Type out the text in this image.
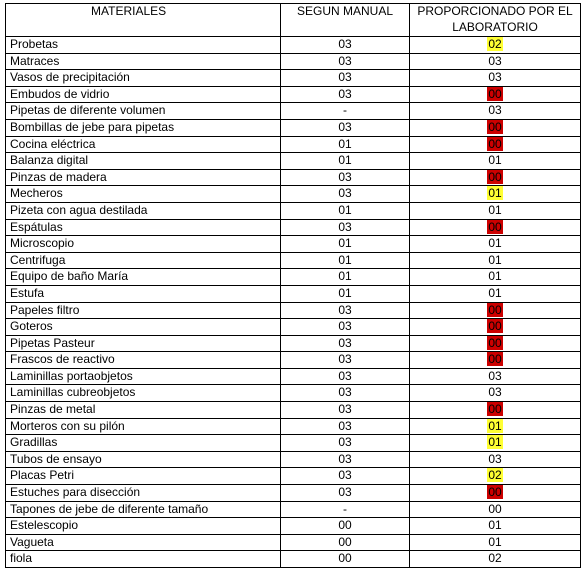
MATERIALES	SEGUN MANUAL	PROPORCIONADO POR EL LABORATORIO
Probetas	03	02
Matraces	03	03
Vasos de precipitación	03	03
Embudos de vidrio	03	00
Pipetas de diferente volumen	-	03
Bombillas de jebe para pipetas	03	00
Cocina eléctrica	01	00
Balanza digital	01	01
Pinzas de madera	03	00
Mecheros	03	01
Pizeta con agua destilada	01	01
Espátulas	03	00
Microscopio	01	01
Centrifuga	01	01
Equipo de baño María	01	01
Estufa	01	01
Papeles filtro	03	00
Goteros	03	00
Pipetas Pasteur	03	00
Frascos de reactivo	03	00
Laminillas portaobjetos	03	03
Laminillas cubreobjetos	03	03
Pinzas de metal	03	00
Morteros con su pilón	03	01
Gradillas	03	01
Tubos de ensayo	03	03
Placas Petri	03	02
Estuches para disección	03	00
Tapones de jebe de diferente tamaño	-	00
Estelescopio	00	01
Vagueta	00	01
fiola	00	02
